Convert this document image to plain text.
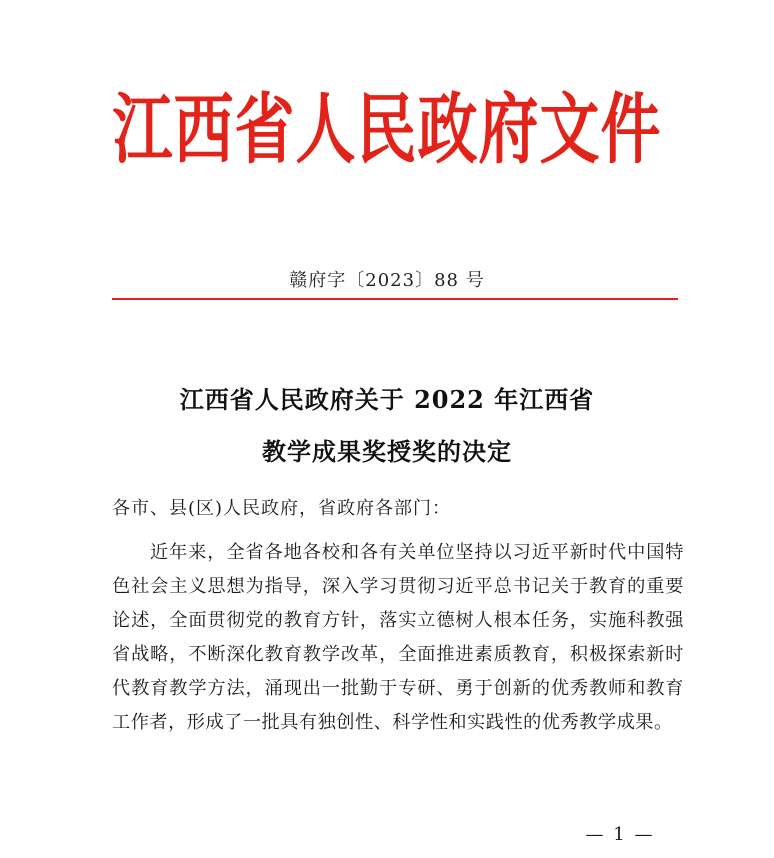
江西省人民政府文件
赣府字〔2023〕88 号
江西省人民政府关于 2022 年江西省
教学成果奖授奖的决定
各市、县(区)人民政府，省政府各部门：
近年来，全省各地各校和各有关单位坚持以习近平新时代中国特色社会主义思想为指导，深入学习贯彻习近平总书记关于教育的重要论述，全面贯彻党的教育方针，落实立德树人根本任务，实施科教强省战略，不断深化教育教学改革，全面推进素质教育，积极探索新时代教育教学方法，涌现出一批勤于专研、勇于创新的优秀教师和教育工作者，形成了一批具有独创性、科学性和实践性的优秀教学成果。
— 1 —
